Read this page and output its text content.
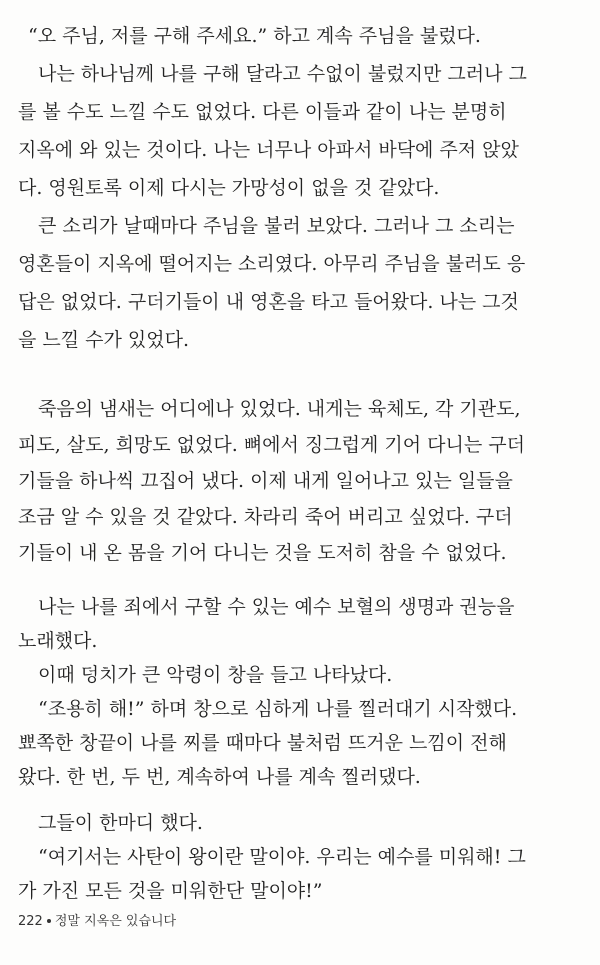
“오 주님, 저를 구해 주세요.” 하고 계속 주님을 불렀다.
나는 하나님께 나를 구해 달라고 수없이 불렀지만 그러나 그
를 볼 수도 느낄 수도 없었다. 다른 이들과 같이 나는 분명히
지옥에 와 있는 것이다. 나는 너무나 아파서 바닥에 주저 앉았
다. 영원토록 이제 다시는 가망성이 없을 것 같았다.
큰 소리가 날때마다 주님을 불러 보았다. 그러나 그 소리는
영혼들이 지옥에 떨어지는 소리였다. 아무리 주님을 불러도 응
답은 없었다. 구더기들이 내 영혼을 타고 들어왔다. 나는 그것
을 느낄 수가 있었다.
죽음의 냄새는 어디에나 있었다. 내게는 육체도, 각 기관도,
피도, 살도, 희망도 없었다. 뼈에서 징그럽게 기어 다니는 구더
기들을 하나씩 끄집어 냈다. 이제 내게 일어나고 있는 일들을
조금 알 수 있을 것 같았다. 차라리 죽어 버리고 싶었다. 구더
기들이 내 온 몸을 기어 다니는 것을 도저히 참을 수 없었다.
나는 나를 죄에서 구할 수 있는 예수 보혈의 생명과 권능을
노래했다.
이때 덩치가 큰 악령이 창을 들고 나타났다.
“조용히 해!” 하며 창으로 심하게 나를 찔러대기 시작했다.
뾰쪽한 창끝이 나를 찌를 때마다 불처럼 뜨거운 느낌이 전해
왔다. 한 번, 두 번, 계속하여 나를 계속 찔러댔다.
그들이 한마디 했다.
“여기서는 사탄이 왕이란 말이야. 우리는 예수를 미워해! 그
가 가진 모든 것을 미워한단 말이야!”
222 정말 지옥은 있습니다
